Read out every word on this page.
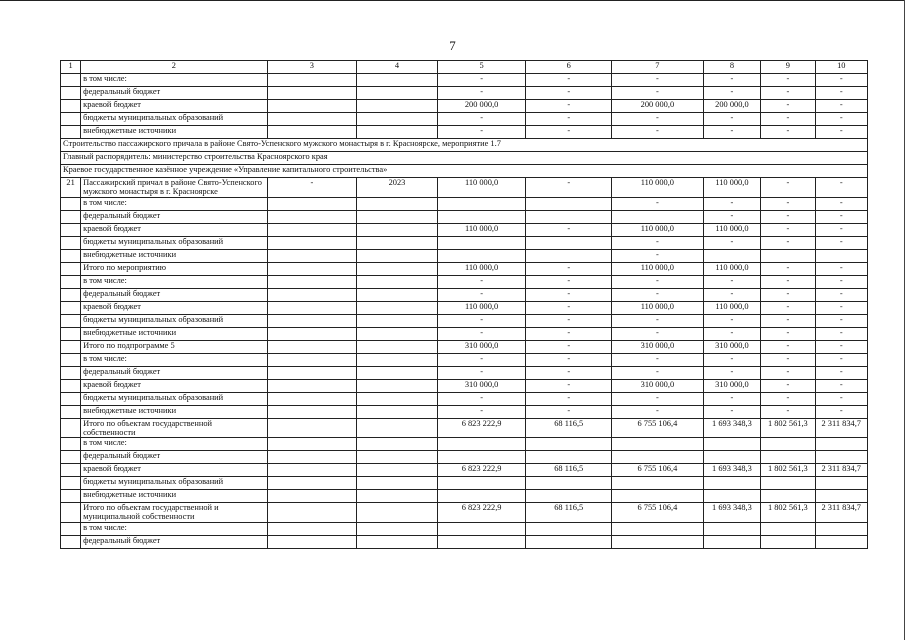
7
1	2	3	4	5	6	7	8	9	10
	в том числе:			-	-	-	-	-	-
	федеральный бюджет			-	-	-	-	-	-
	краевой бюджет			200 000,0	-	200 000,0	200 000,0	-	-
	бюджеты муниципальных образований			-	-	-	-	-	-
	внебюджетные источники			-	-	-	-	-	-
Строительство пассажирского причала в районе Свято-Успенского мужского монастыря в г. Красноярске, мероприятие 1.7									
Главный распорядитель: министерство строительства Красноярского края									
Краевое государственное казённое учреждение «Управление капитального строительства»									
21	Пассажирский причал в районе Свято-Успенского мужского монастыря в г. Красноярске	-	2023	110 000,0	-	110 000,0	110 000,0	-	-
	в том числе:					-	-	-	-
	федеральный бюджет						-	-	-
	краевой бюджет			110 000,0	-	110 000,0	110 000,0	-	-
	бюджеты муниципальных образований					-	-	-	-
	внебюджетные источники					-			
	Итого по мероприятию			110 000,0	-	110 000,0	110 000,0	-	-
	в том числе:			-	-	-	-	-	-
	федеральный бюджет			-	-	-	-	-	-
	краевой бюджет			110 000,0	-	110 000,0	110 000,0	-	-
	бюджеты муниципальных образований			-	-	-	-	-	-
	внебюджетные источники			-	-	-	-	-	-
	Итого по подпрограмме 5			310 000,0	-	310 000,0	310 000,0	-	-
	в том числе:			-	-	-	-	-	-
	федеральный бюджет			-	-	-	-	-	-
	краевой бюджет			310 000,0	-	310 000,0	310 000,0	-	-
	бюджеты муниципальных образований			-	-	-	-	-	-
	внебюджетные источники			-	-	-	-	-	-
	Итого по объектам государственной собственности			6 823 222,9	68 116,5	6 755 106,4	1 693 348,3	1 802 561,3	2 311 834,7
	в том числе:								
	федеральный бюджет								
	краевой бюджет			6 823 222,9	68 116,5	6 755 106,4	1 693 348,3	1 802 561,3	2 311 834,7
	бюджеты муниципальных образований								
	внебюджетные источники								
	Итого по объектам государственной и муниципальной собственности			6 823 222,9	68 116,5	6 755 106,4	1 693 348,3	1 802 561,3	2 311 834,7
	в том числе:								
	федеральный бюджет								
